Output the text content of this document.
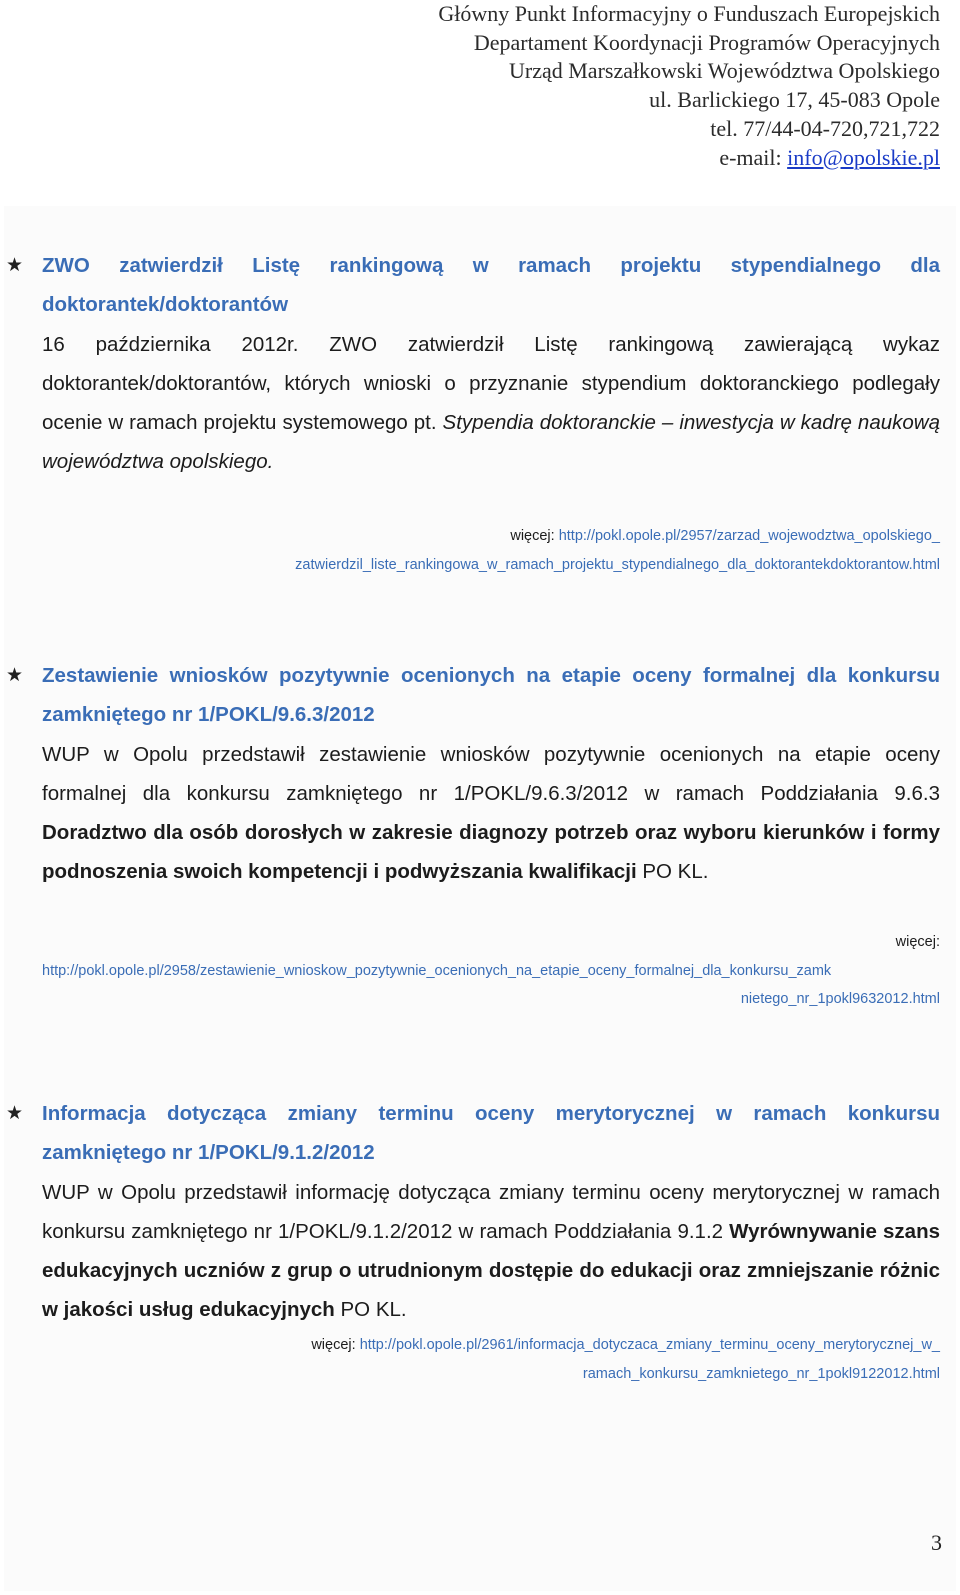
Główny Punkt Informacyjny o Funduszach Europejskich
Departament Koordynacji Programów Operacyjnych
Urząd Marszałkowski Województwa Opolskiego
ul. Barlickiego 17, 45-083 Opole
tel. 77/44-04-720,721,722
e-mail: info@opolskie.pl
★ ZWO zatwierdził Listę rankingową w ramach projektu stypendialnego dla doktorantek/doktorantów
16 października 2012r. ZWO zatwierdził Listę rankingową zawierającą wykaz doktorantek/doktorantów, których wnioski o przyznanie stypendium doktoranckiego podlegały ocenie w ramach projektu systemowego pt. Stypendia doktoranckie – inwestycja w kadrę naukową województwa opolskiego.
więcej: http://pokl.opole.pl/2957/zarzad_wojewodztwa_opolskiego_
zatwierdzil_liste_rankingowa_w_ramach_projektu_stypendialnego_dla_doktorantekdoktorantow.html
★ Zestawienie wniosków pozytywnie ocenionych na etapie oceny formalnej dla konkursu zamkniętego nr 1/POKL/9.6.3/2012
WUP w Opolu przedstawił zestawienie wniosków pozytywnie ocenionych na etapie oceny formalnej dla konkursu zamkniętego nr 1/POKL/9.6.3/2012 w ramach Poddziałania 9.6.3 Doradztwo dla osób dorosłych w zakresie diagnozy potrzeb oraz wyboru kierunków i formy podnoszenia swoich kompetencji i podwyższania kwalifikacji PO KL.
więcej:
http://pokl.opole.pl/2958/zestawienie_wnioskow_pozytywnie_ocenionych_na_etapie_oceny_formalnej_dla_konkursu_zamk
nietego_nr_1pokl9632012.html
★ Informacja dotycząca zmiany terminu oceny merytorycznej w ramach konkursu zamkniętego nr 1/POKL/9.1.2/2012
WUP w Opolu przedstawił informację dotycząca zmiany terminu oceny merytorycznej w ramach konkursu zamkniętego nr 1/POKL/9.1.2/2012 w ramach Poddziałania 9.1.2 Wyrównywanie szans edukacyjnych uczniów z grup o utrudnionym dostępie do edukacji oraz zmniejszanie różnic w jakości usług edukacyjnych PO KL.
więcej: http://pokl.opole.pl/2961/informacja_dotyczaca_zmiany_terminu_oceny_merytorycznej_w_
ramach_konkursu_zamknietego_nr_1pokl9122012.html
3
